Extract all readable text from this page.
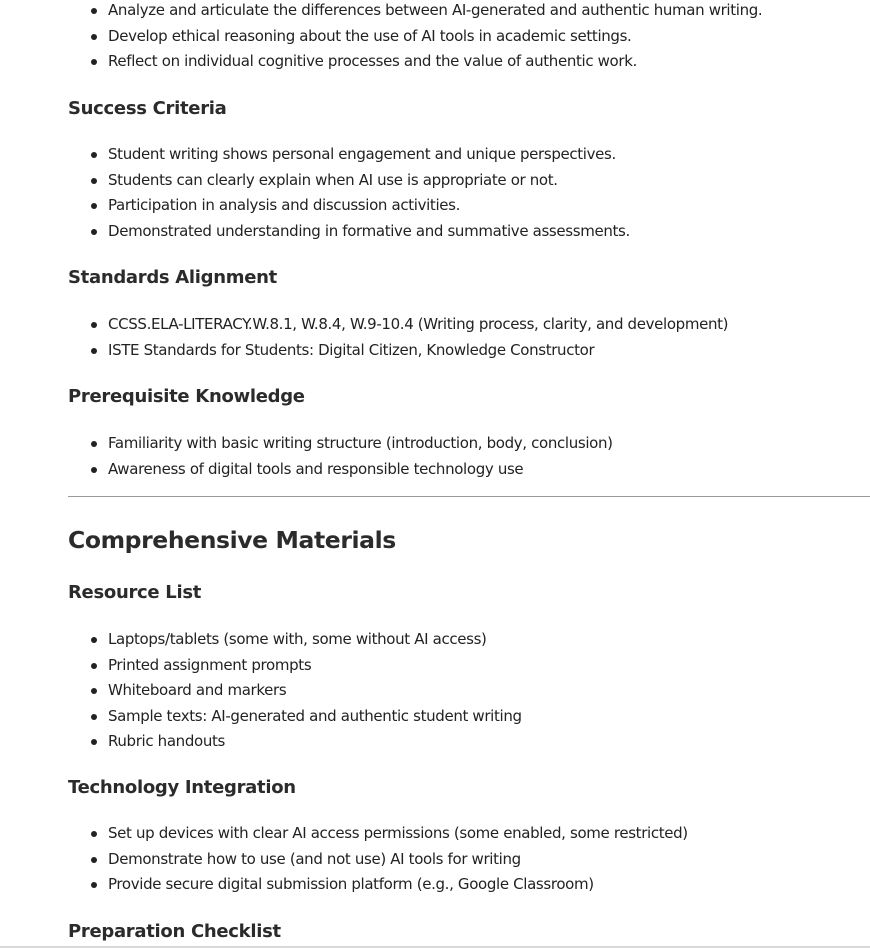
Analyze and articulate the differences between AI-generated and authentic human writing.
Develop ethical reasoning about the use of AI tools in academic settings.
Reflect on individual cognitive processes and the value of authentic work.
Success Criteria
Student writing shows personal engagement and unique perspectives.
Students can clearly explain when AI use is appropriate or not.
Participation in analysis and discussion activities.
Demonstrated understanding in formative and summative assessments.
Standards Alignment
CCSS.ELA-LITERACY.W.8.1, W.8.4, W.9-10.4 (Writing process, clarity, and development)
ISTE Standards for Students: Digital Citizen, Knowledge Constructor
Prerequisite Knowledge
Familiarity with basic writing structure (introduction, body, conclusion)
Awareness of digital tools and responsible technology use
Comprehensive Materials
Resource List
Laptops/tablets (some with, some without AI access)
Printed assignment prompts
Whiteboard and markers
Sample texts: AI-generated and authentic student writing
Rubric handouts
Technology Integration
Set up devices with clear AI access permissions (some enabled, some restricted)
Demonstrate how to use (and not use) AI tools for writing
Provide secure digital submission platform (e.g., Google Classroom)
Preparation Checklist
